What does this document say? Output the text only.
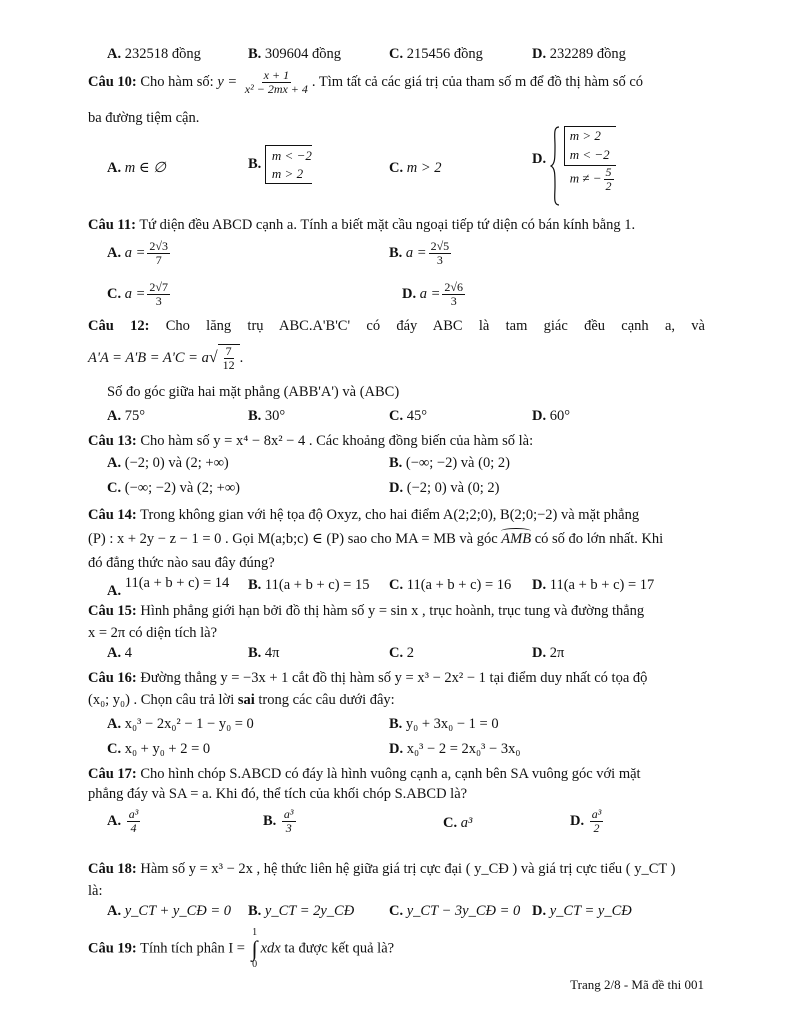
A. 232518 đồng	B. 309604 đồng	C. 215456 đồng	D. 232289 đồng
Câu 10: Cho hàm số: $y = \frac{x + 1}{\text{x² − 2mx + 4}}$ . Tìm tất cả các giá trị của tham số m để đồ thị hàm số có
ba đường tiệm cận.
A. m ∈ ∅	B.
m < −2
m > 2	C. m > 2
D.
m > 2
m < −2
m ≠ − $\frac{5}{2}$
Câu 11: Tứ diện đều ABCD cạnh a. Tính a biết mặt cầu ngoại tiếp tứ diện có bán kính bằng 1.
A. $a = \frac{2√3}{7}$	B. $a = \frac{2√5}{3}$
C. $a = \frac{2√7}{3}$	D. $a = \frac{2√6}{3}$
Câu 12: Cho lăng trụ ABC.A'B'C' có đáy ABC là tam giác đều cạnh a, và
$A'A = A'B = A'C = a√ \frac{7}{12}$ .
Số đo góc giữa hai mặt phẳng (ABB'A') và (ABC)
A. 75°	B. 30°	C. 45°	D. 60°
Câu 13: Cho hàm số y = x⁴ − 8x² − 4 . Các khoảng đồng biến của hàm số là:
A. (−2; 0) và (2; +∞)	B. (−∞; −2) và (0; 2)
C. (−∞; −2) và (2; +∞)	D. (−2; 0) và (0; 2)
Câu 14: Trong không gian với hệ tọa độ Oxyz, cho hai điểm A(2;2;0), B(2;0;−2) và mặt phẳng
(P) : x + 2y − z − 1 = 0 . Gọi M(a;b;c) ∈ (P) sao cho MA = MB và góc AMB có số đo lớn nhất. Khi
đó đẳng thức nào sau đây đúng?
A. 11(a + b + c) = 14 B. 11(a + b + c) = 15 C. 11(a + b + c) = 16 D. 11(a + b + c) = 17
Câu 15: Hình phẳng giới hạn bởi đồ thị hàm số y = sin x , trục hoành, trục tung và đường thẳng
x = 2π có diện tích là?
A. 4	B. 4π	C. 2	D. 2π
Câu 16: Đường thẳng y = −3x + 1 cắt đồ thị hàm số y = x³ − 2x² − 1 tại điểm duy nhất có tọa độ
(x₀; y₀) . Chọn câu trả lời sai trong các câu dưới đây:
A. x₀³ − 2x₀² − 1 − y₀ = 0	B. y₀ + 3x₀ − 1 = 0
C. x₀ + y₀ + 2 = 0	D. x₀³ − 2 = 2x₀³ − 3x₀
Câu 17: Cho hình chóp S.ABCD có đáy là hình vuông cạnh a, cạnh bên SA vuông góc với mặt
phẳng đáy và SA = a. Khi đó, thể tích của khối chóp S.ABCD là?
A. $\frac{\text{a³}}{4}$	B. $\frac{\text{a³}}{3}$	C. a³	D. $\frac{\text{a³}}{2}$
Câu 18: Hàm số y = x³ − 2x , hệ thức liên hệ giữa giá trị cực đại ( y_CĐ ) và giá trị cực tiểu ( y_CT )
là:
A. y_CT + y_CĐ = 0 B. y_CT = 2y_CĐ C. y_CT − 3y_CĐ = 0 D. y_CT = y_CĐ
Câu 19: Tính tích phân I =
1
∫
0
xdx ta được kết quả là?
Trang 2/8 - Mã đề thi 001
